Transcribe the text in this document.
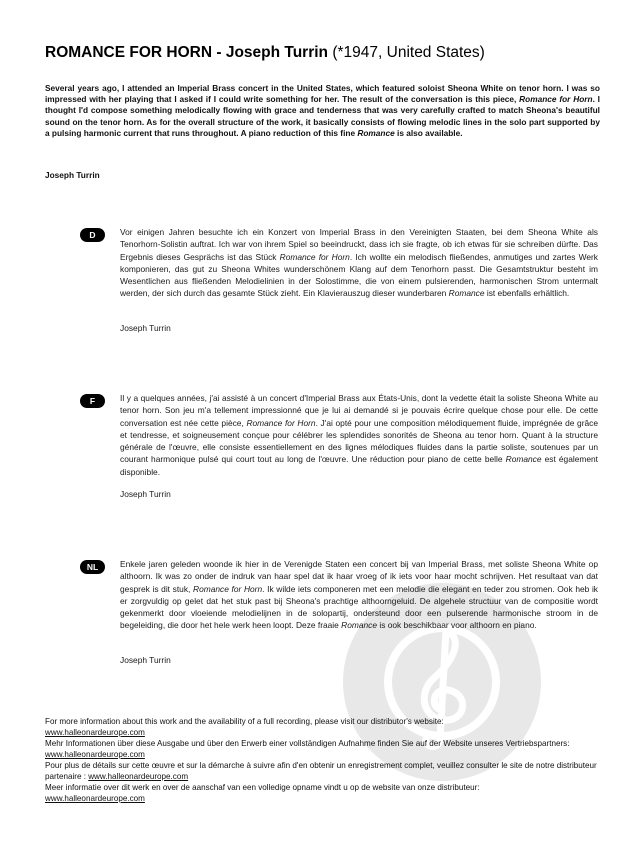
ROMANCE FOR HORN - Joseph Turrin (*1947, United States)
Several years ago, I attended an Imperial Brass concert in the United States, which featured soloist Sheona White on tenor horn. I was so impressed with her playing that I asked if I could write something for her. The result of the conversation is this piece, Romance for Horn. I thought I'd compose something melodically flowing with grace and tenderness that was very carefully crafted to match Sheona's beautiful sound on the tenor horn. As for the overall structure of the work, it basically consists of flowing melodic lines in the solo part supported by a pulsing harmonic current that runs throughout. A piano reduction of this fine Romance is also available.
Joseph Turrin
D	Vor einigen Jahren besuchte ich ein Konzert von Imperial Brass in den Vereinigten Staaten, bei dem Sheona White als Tenorhorn-Solistin auftrat. Ich war von ihrem Spiel so beeindruckt, dass ich sie fragte, ob ich etwas für sie schreiben dürfte. Das Ergebnis dieses Gesprächs ist das Stück Romance for Horn. Ich wollte ein melodisch fließendes, anmutiges und zartes Werk komponieren, das gut zu Sheona Whites wunderschönem Klang auf dem Tenorhorn passt. Die Gesamtstruktur besteht im Wesentlichen aus fließenden Melodielinien in der Solostimme, die von einem pulsierenden, harmonischen Strom untermalt werden, der sich durch das gesamte Stück zieht. Ein Klavierauszug dieser wunderbaren Romance ist ebenfalls erhältlich.
Joseph Turrin
F	Il y a quelques années, j'ai assisté à un concert d'Imperial Brass aux États-Unis, dont la vedette était la soliste Sheona White au tenor horn. Son jeu m'a tellement impressionné que je lui ai demandé si je pouvais écrire quelque chose pour elle. De cette conversation est née cette pièce, Romance for Horn. J'ai opté pour une composition mélodiquement fluide, imprégnée de grâce et tendresse, et soigneusement conçue pour célébrer les splendides sonorités de Sheona au tenor horn. Quant à la structure générale de l'œuvre, elle consiste essentiellement en des lignes mélodiques fluides dans la partie soliste, soutenues par un courant harmonique pulsé qui court tout au long de l'œuvre. Une réduction pour piano de cette belle Romance est également disponible.
Joseph Turrin
NL	Enkele jaren geleden woonde ik hier in de Verenigde Staten een concert bij van Imperial Brass, met soliste Sheona White op althoorn. Ik was zo onder de indruk van haar spel dat ik haar vroeg of ik iets voor haar mocht schrijven. Het resultaat van dat gesprek is dit stuk, Romance for Horn. Ik wilde iets componeren met een melodie die elegant en teder zou stromen. Ook heb ik er zorgvuldig op gelet dat het stuk past bij Sheona's prachtige althoorngeluid. De algehele structuur van de compositie wordt gekenmerkt door vloeiende melodielijnen in de solopartij, ondersteund door een pulserende harmonische stroom in de begeleiding, die door het hele werk heen loopt. Deze fraaie Romance is ook beschikbaar voor althoorn en piano.
Joseph Turrin
For more information about this work and the availability of a full recording, please visit our distributor's website:
www.halleonardeurope.com
Mehr Informationen über diese Ausgabe und über den Erwerb einer vollständigen Aufnahme finden Sie auf der Website unseres Vertriebspartners: www.halleonardeurope.com
Pour plus de détails sur cette œuvre et sur la démarche à suivre afin d'en obtenir un enregistrement complet, veuillez consulter le site de notre distributeur partenaire : www.halleonardeurope.com
Meer informatie over dit werk en over de aanschaf van een volledige opname vindt u op de website van onze distributeur:
www.halleonardeurope.com
